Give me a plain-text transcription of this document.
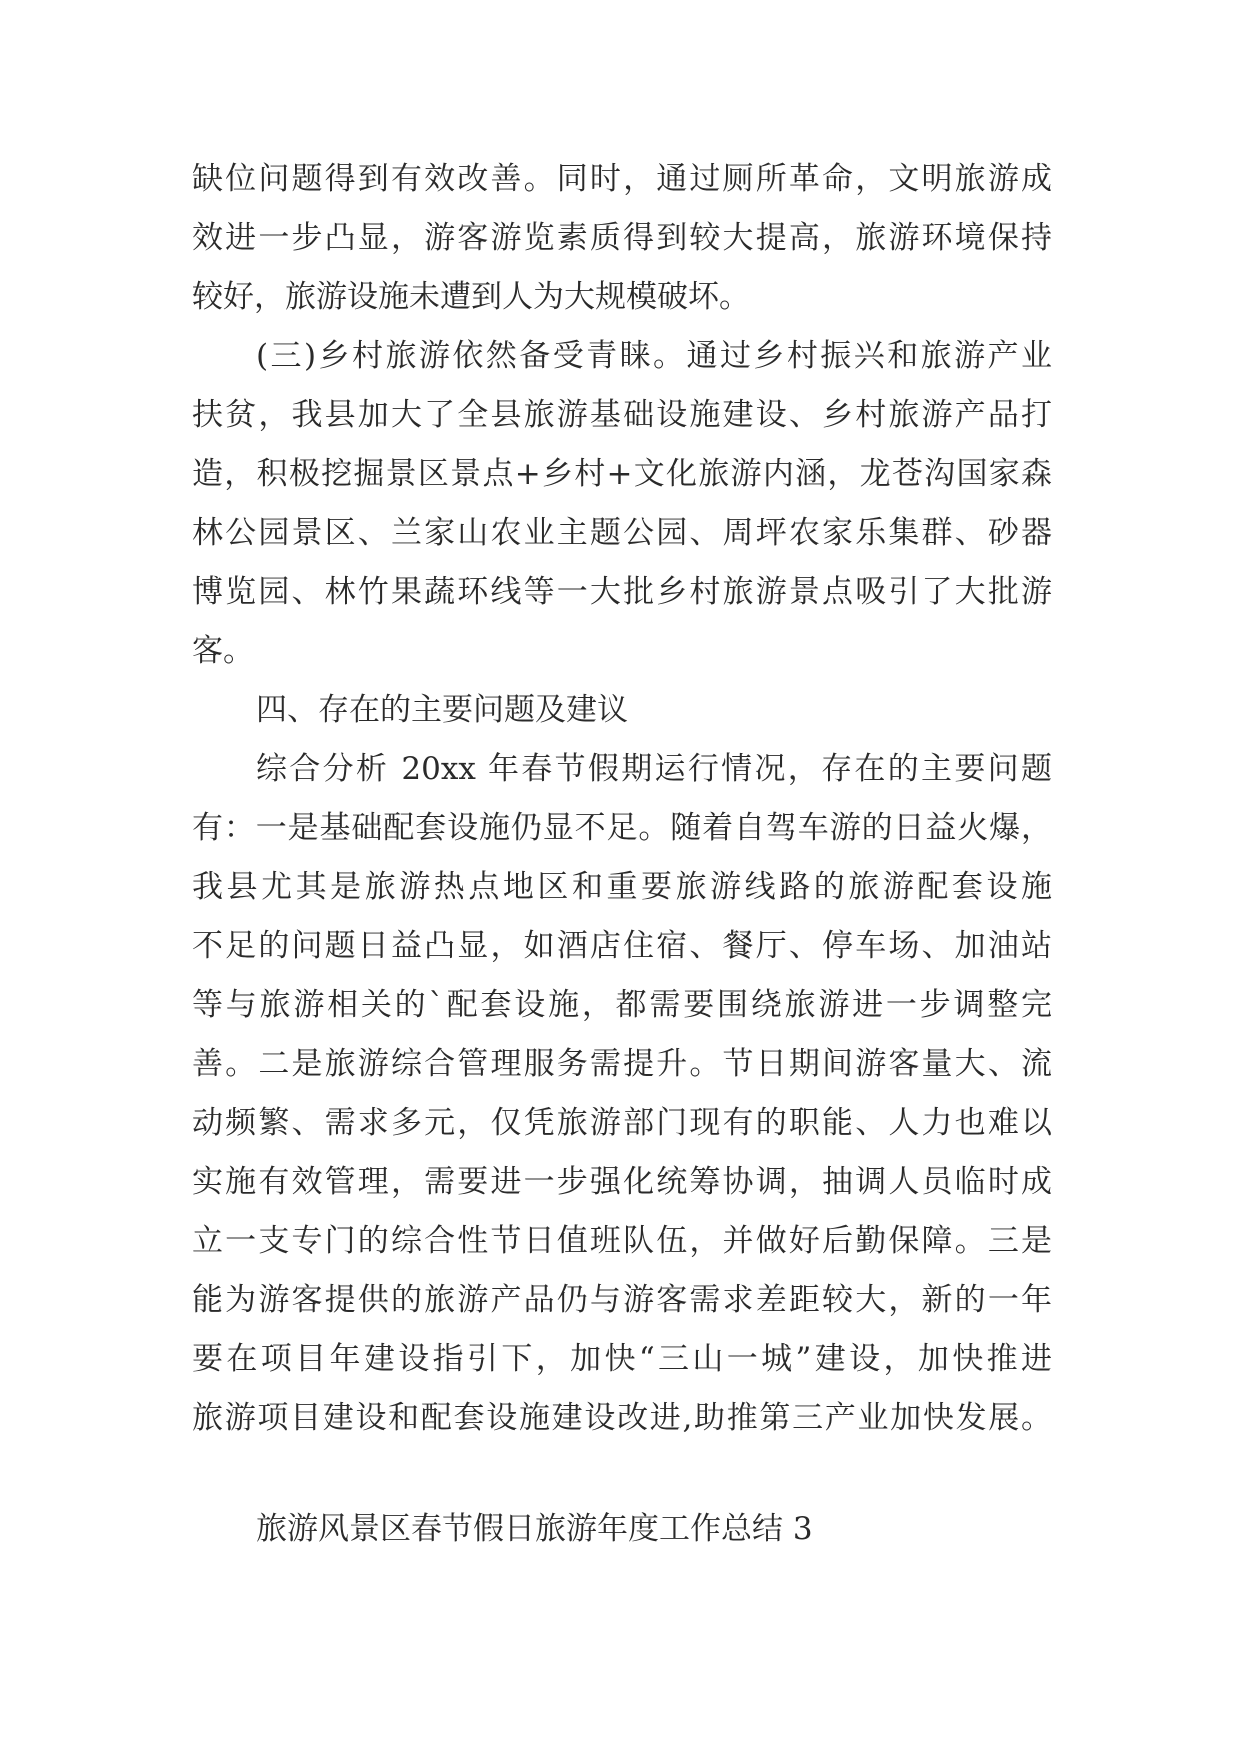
缺位问题得到有效改善。同时，通过厕所革命，文明旅游成
效进一步凸显，游客游览素质得到较大提高，旅游环境保持
较好，旅游设施未遭到人为大规模破坏。
(三)乡村旅游依然备受青睐。通过乡村振兴和旅游产业
扶贫，我县加大了全县旅游基础设施建设、乡村旅游产品打
造，积极挖掘景区景点+乡村+文化旅游内涵，龙苍沟国家森
林公园景区、兰家山农业主题公园、周坪农家乐集群、砂器
博览园、林竹果蔬环线等一大批乡村旅游景点吸引了大批游
客。
四、存在的主要问题及建议
综合分析 20xx 年春节假期运行情况，存在的主要问题
有：一是基础配套设施仍显不足。随着自驾车游的日益火爆，
我县尤其是旅游热点地区和重要旅游线路的旅游配套设施
不足的问题日益凸显，如酒店住宿、餐厅、停车场、加油站
等与旅游相关的`配套设施，都需要围绕旅游进一步调整完
善。二是旅游综合管理服务需提升。节日期间游客量大、流
动频繁、需求多元，仅凭旅游部门现有的职能、人力也难以
实施有效管理，需要进一步强化统筹协调，抽调人员临时成
立一支专门的综合性节日值班队伍，并做好后勤保障。三是
能为游客提供的旅游产品仍与游客需求差距较大，新的一年
要在项目年建设指引下，加快“三山一城”建设，加快推进
旅游项目建设和配套设施建设改进,助推第三产业加快发展。
旅游风景区春节假日旅游年度工作总结 3
